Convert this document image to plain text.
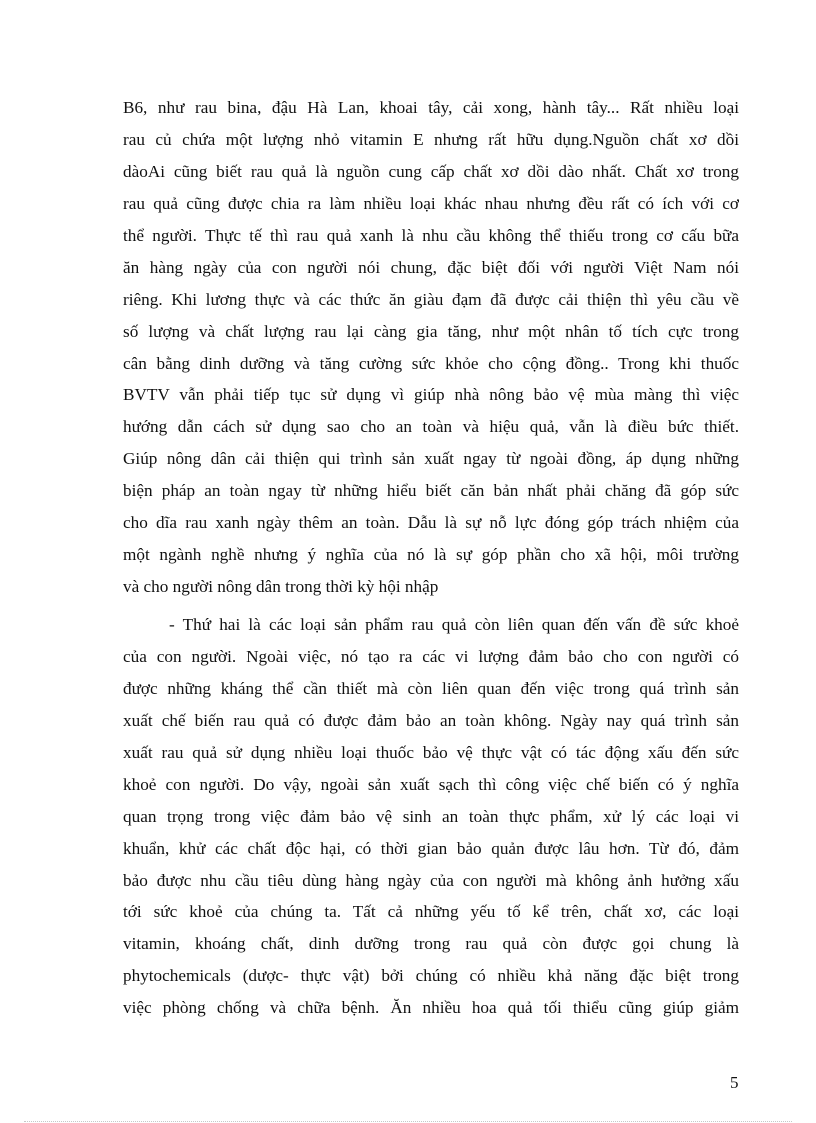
B6, như rau bina, đậu Hà Lan, khoai tây, cải xong, hành tây... Rất nhiều loại
rau củ chứa một lượng nhỏ vitamin E nhưng rất hữu dụng.Nguồn chất xơ dồi
dàoAi cũng biết rau quả là nguồn cung cấp chất xơ dồi dào nhất. Chất xơ trong
rau quả cũng được chia ra làm nhiều loại khác nhau nhưng đều rất có ích với cơ
thể người. Thực tế thì rau quả xanh là nhu cầu không thể thiếu trong cơ cấu bữa
ăn hàng ngày của con người nói chung, đặc biệt đối với người Việt Nam nói
riêng. Khi lương thực và các thức ăn giàu đạm đã được cải thiện thì yêu cầu về
số lượng và chất lượng rau lại càng gia tăng, như một nhân tố tích cực trong
cân bằng dinh dưỡng và tăng cường sức khỏe cho cộng đồng.. Trong khi thuốc
BVTV vẫn phải tiếp tục sử dụng vì giúp nhà nông bảo vệ mùa màng thì việc
hướng dẫn cách sử dụng sao cho an toàn và hiệu quả, vẫn là điều bức thiết.
Giúp nông dân cải thiện qui trình sản xuất ngay từ ngoài đồng, áp dụng những
biện pháp an toàn ngay từ những hiểu biết căn bản nhất phải chăng đã góp sức
cho dĩa rau xanh ngày thêm an toàn. Dẫu là sự nỗ lực đóng góp trách nhiệm của
một ngành nghề nhưng ý nghĩa của nó là sự góp phần cho xã hội, môi trường
và cho người nông dân trong thời kỳ hội nhập
- Thứ hai là các loại sản phẩm rau quả còn liên quan đến vấn đề sức khoẻ
của con người. Ngoài việc, nó tạo ra các vi lượng đảm bảo cho con người có
được những kháng thể cần thiết mà còn liên quan đến việc trong quá trình sản
xuất chế biến rau quả có được đảm bảo an toàn không. Ngày nay quá trình sản
xuất rau quả sử dụng nhiều loại thuốc bảo vệ thực vật có tác động xấu đến sức
khoẻ con người. Do vậy, ngoài sản xuất sạch thì công việc chế biến có ý nghĩa
quan trọng trong việc đảm bảo vệ sinh an toàn thực phẩm, xử lý các loại vi
khuẩn, khử các chất độc hại, có thời gian bảo quản được lâu hơn. Từ đó, đảm
bảo được nhu cầu tiêu dùng hàng ngày của con người mà không ảnh hưởng xấu
tới sức khoẻ của chúng ta. Tất cả những yếu tố kể trên, chất xơ, các loại
vitamin, khoáng chất, dinh dưỡng trong rau quả còn được gọi chung là
phytochemicals (dược- thực vật) bởi chúng có nhiều khả năng đặc biệt trong
việc phòng chống và chữa bệnh. Ăn nhiều hoa quả tối thiểu cũng giúp giảm
5
